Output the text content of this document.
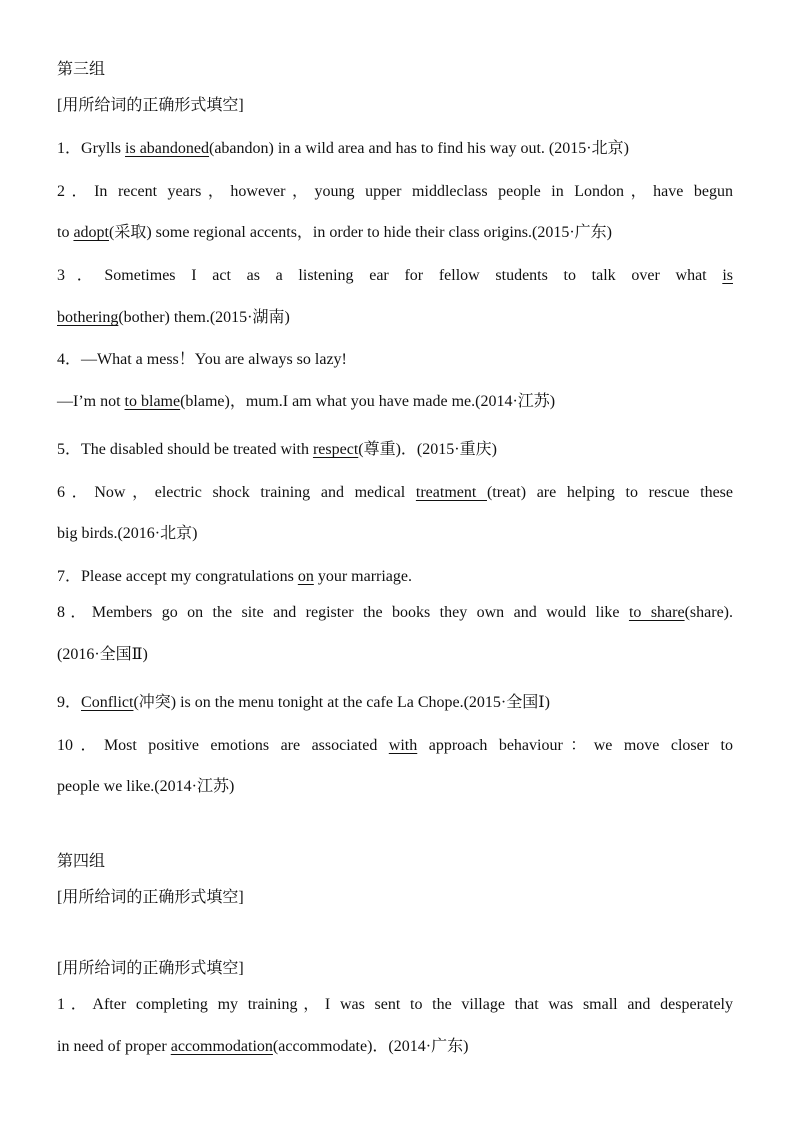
第三组
[用所给词的正确形式填空]
1．Grylls is abandoned(abandon) in a wild area and has to find his way out. (2015·北京)
2．In recent years，however，young upper middleclass people in London，have begun
to adopt(采取) some regional accents，in order to hide their class origins.(2015·广东)
3．Sometimes I act as a listening ear for fellow students to talk over what is
bothering(bother) them.(2015·湖南)
4．—What a mess！You are always so lazy!
—I’m not to blame(blame)，mum.I am what you have made me.(2014·江苏)
5．The disabled should be treated with respect(尊重)．(2015·重庆)
6．Now，electric shock training and medical treatment (treat) are helping to rescue these
big birds.(2016·北京)
7．Please accept my congratulations on your marriage.
8．Members go on the site and register the books they own and would like to share(share).
(2016·全国Ⅱ)
9．Conflict(冲突) is on the menu tonight at the cafe La Chope.(2015·全国Ⅰ)
10．Most positive emotions are associated with approach behaviour：we move closer to
people we like.(2014·江苏)
第四组
[用所给词的正确形式填空]
[用所给词的正确形式填空]
1．After completing my training，I was sent to the village that was small and desperately
in need of proper accommodation(accommodate)．(2014·广东)
